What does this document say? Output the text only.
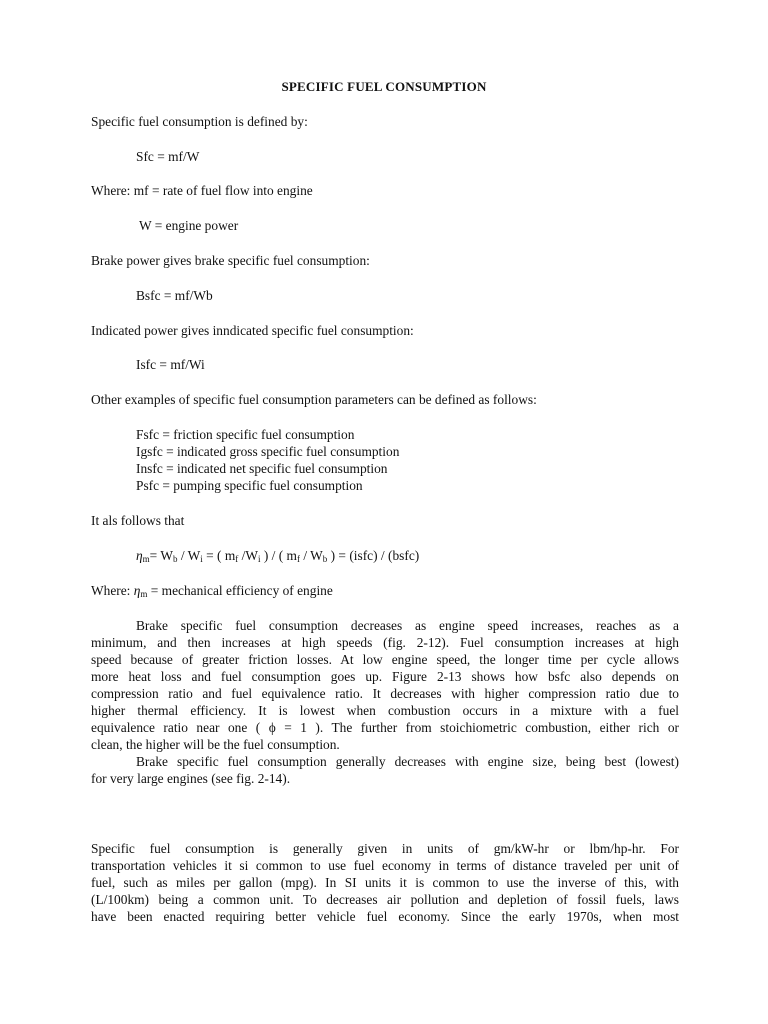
SPECIFIC FUEL CONSUMPTION
Specific fuel consumption is defined by:
Sfc = mf/W
Where: mf = rate of fuel flow into engine
W = engine power
Brake power gives brake specific fuel consumption:
Bsfc = mf/Wb
Indicated power gives inndicated specific fuel consumption:
Isfc = mf/Wi
Other examples of specific fuel consumption parameters can be defined as follows:
Fsfc = friction specific fuel consumption
Igsfc = indicated gross specific fuel consumption
Insfc = indicated net specific fuel consumption
Psfc = pumping specific fuel consumption
It als follows that
$\eta_m= W_b / W_i$ = ( $m_f$ $/W_i$ ) / ( $m_f / W_b$ ) = (isfc) / (bsfc)
Where: $\eta_m$ = mechanical efficiency of engine
Brake specific fuel consumption decreases as engine speed increases, reaches as a
minimum, and then increases at high speeds (fig. 2-12). Fuel consumption increases at high
speed because of greater friction losses. At low engine speed, the longer time per cycle allows
more heat loss and fuel consumption goes up. Figure 2-13 shows how bsfc also depends on
compression ratio and fuel equivalence ratio. It decreases with higher compression ratio due to
higher thermal efficiency. It is lowest when combustion occurs in a mixture with a fuel
equivalence ratio near one ( ϕ = 1 ). The further from stoichiometric combustion, either rich or
clean, the higher will be the fuel consumption.
Brake specific fuel consumption generally decreases with engine size, being best (lowest)
for very large engines (see fig. 2-14).
Specific fuel consumption is generally given in units of gm/kW-hr or lbm/hp-hr. For
transportation vehicles it si common to use fuel economy in terms of distance traveled per unit of
fuel, such as miles per gallon (mpg). In SI units it is common to use the inverse of this, with
(L/100km) being a common unit. To decreases air pollution and depletion of fossil fuels, laws
have been enacted requiring better vehicle fuel economy. Since the early 1970s, when most
